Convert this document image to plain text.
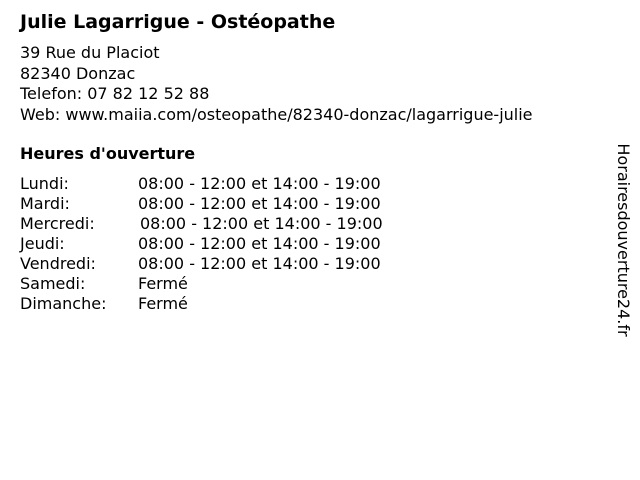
Julie Lagarrigue - Ostéopathe
39 Rue du Placiot
82340 Donzac
Telefon: 07 82 12 52 88
Web: www.maiia.com/osteopathe/82340-donzac/lagarrigue-julie
Heures d'ouverture
Lundi:	08:00 - 12:00 et 14:00 - 19:00
Mardi:	08:00 - 12:00 et 14:00 - 19:00
Mercredi:	08:00 - 12:00 et 14:00 - 19:00
Jeudi:	08:00 - 12:00 et 14:00 - 19:00
Vendredi:	08:00 - 12:00 et 14:00 - 19:00
Samedi:	Fermé
Dimanche: Fermé	Horairesdouverture24.fr
